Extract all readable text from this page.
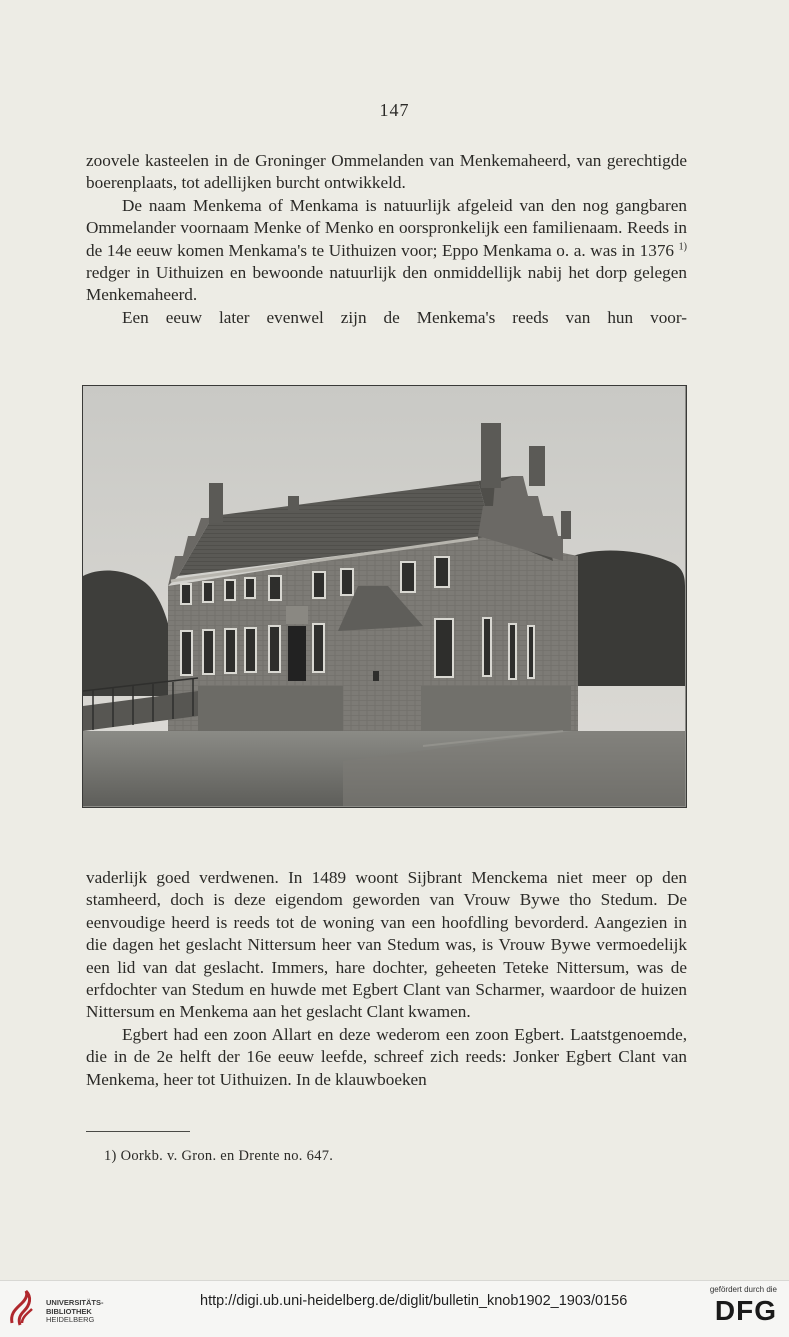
147

zoovele kasteelen in de Groninger Ommelanden van Menkemaheerd, van gerechtigde boerenplaats, tot adellijken burcht ontwikkeld.

De naam Menkema of Menkama is natuurlijk afgeleid van den nog gangbaren Ommelander voornaam Menke of Menko en oorspronkelijk een familienaam. Reeds in de 14e eeuw komen Menkama's te Uithuizen voor; Eppo Menkama o. a. was in 1376 $^{1)}$ redger in Uithuizen en bewoonde natuurlijk den onmiddellijk nabij het dorp gelegen Menkemaheerd.

Een eeuw later evenwel zijn de Menkema's reeds van hun voor-

vaderlijk goed verdwenen. In 1489 woont Sijbrant Menckema niet meer op den stamheerd, doch is deze eigendom geworden van Vrouw Bywe tho Stedum. De eenvoudige heerd is reeds tot de woning van een hoofdling bevorderd. Aangezien in die dagen het geslacht Nittersum heer van Stedum was, is Vrouw Bywe vermoedelijk een lid van dat geslacht. Immers, hare dochter, geheeten Teteke Nittersum, was de erfdochter van Stedum en huwde met Egbert Clant van Scharmer, waardoor de huizen Nittersum en Menkema aan het geslacht Clant kwamen.

Egbert had een zoon Allart en deze wederom een zoon Egbert. Laatstgenoemde, die in de 2e helft der 16e eeuw leefde, schreef zich reeds: Jonker Egbert Clant van Menkema, heer tot Uithuizen. In de klauwboeken

1) Oorkb. v. Gron. en Drente no. 647.
UNIVERSITÄTS-
BIBLIOTHEK
HEIDELBERG
http://digi.ub.uni-heidelberg.de/diglit/bulletin_knob1902_1903/0156
gefördert durch die
DFG
